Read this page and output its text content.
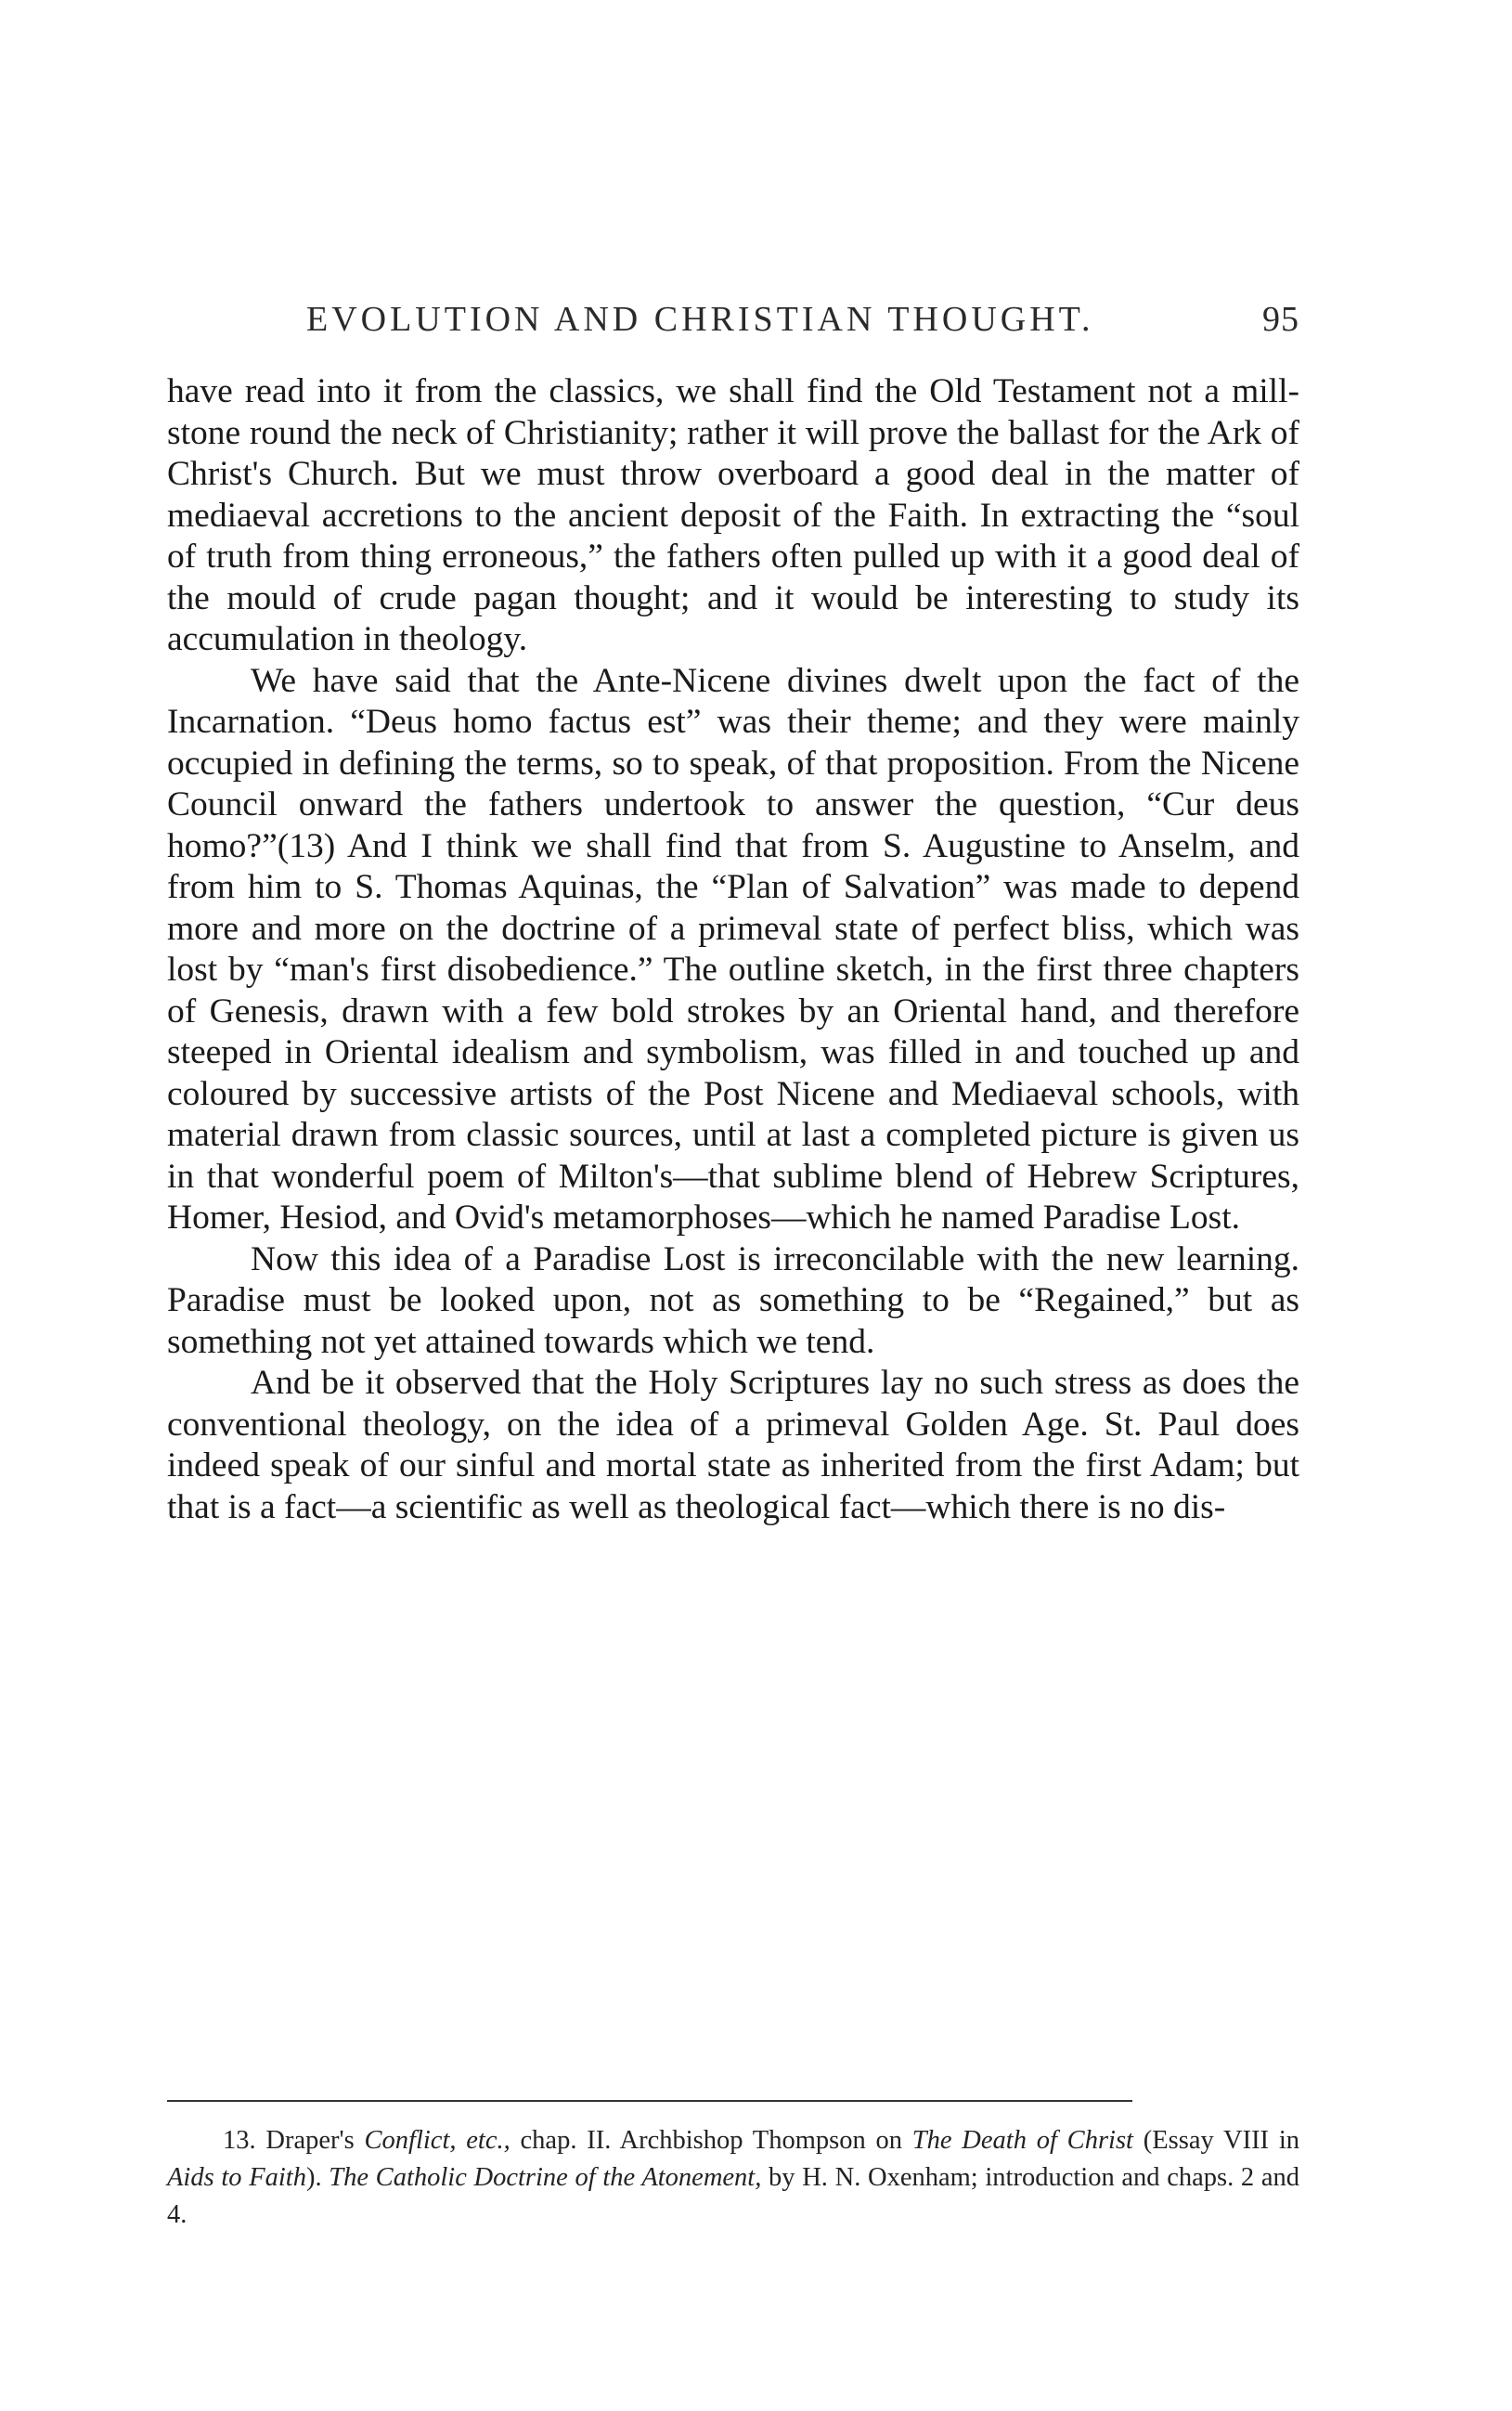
EVOLUTION AND CHRISTIAN THOUGHT.	95

have read into it from the classics, we shall find the Old Testament not a mill-stone round the neck of Christianity; rather it will prove the ballast for the Ark of Christ's Church. But we must throw overboard a good deal in the matter of mediaeval accretions to the ancient deposit of the Faith. In extracting the “soul of truth from thing erroneous,” the fathers often pulled up with it a good deal of the mould of crude pagan thought; and it would be interesting to study its accumulation in theology.

We have said that the Ante-Nicene divines dwelt upon the fact of the Incarnation. “Deus homo factus est” was their theme; and they were mainly occupied in defining the terms, so to speak, of that proposition. From the Nicene Council onward the fathers undertook to answer the question, “Cur deus homo?”(13) And I think we shall find that from S. Augustine to Anselm, and from him to S. Thomas Aquinas, the “Plan of Salvation” was made to depend more and more on the doctrine of a primeval state of perfect bliss, which was lost by “man's first disobedience.” The outline sketch, in the first three chapters of Genesis, drawn with a few bold strokes by an Oriental hand, and therefore steeped in Oriental idealism and symbolism, was filled in and touched up and coloured by successive artists of the Post Nicene and Mediaeval schools, with material drawn from classic sources, until at last a completed picture is given us in that wonderful poem of Milton's—that sublime blend of Hebrew Scriptures, Homer, Hesiod, and Ovid's metamorphoses—which he named Paradise Lost.

Now this idea of a Paradise Lost is irreconcilable with the new learning. Paradise must be looked upon, not as something to be “Regained,” but as something not yet attained towards which we tend.

And be it observed that the Holy Scriptures lay no such stress as does the conventional theology, on the idea of a primeval Golden Age. St. Paul does indeed speak of our sinful and mortal state as inherited from the first Adam; but that is a fact—a scientific as well as theological fact—which there is no dis-

13. Draper's Conflict, etc., chap. II. Archbishop Thompson on The Death of Christ (Essay VIII in Aids to Faith). The Catholic Doctrine of the Atonement, by H. N. Oxenham; introduction and chaps. 2 and 4.
